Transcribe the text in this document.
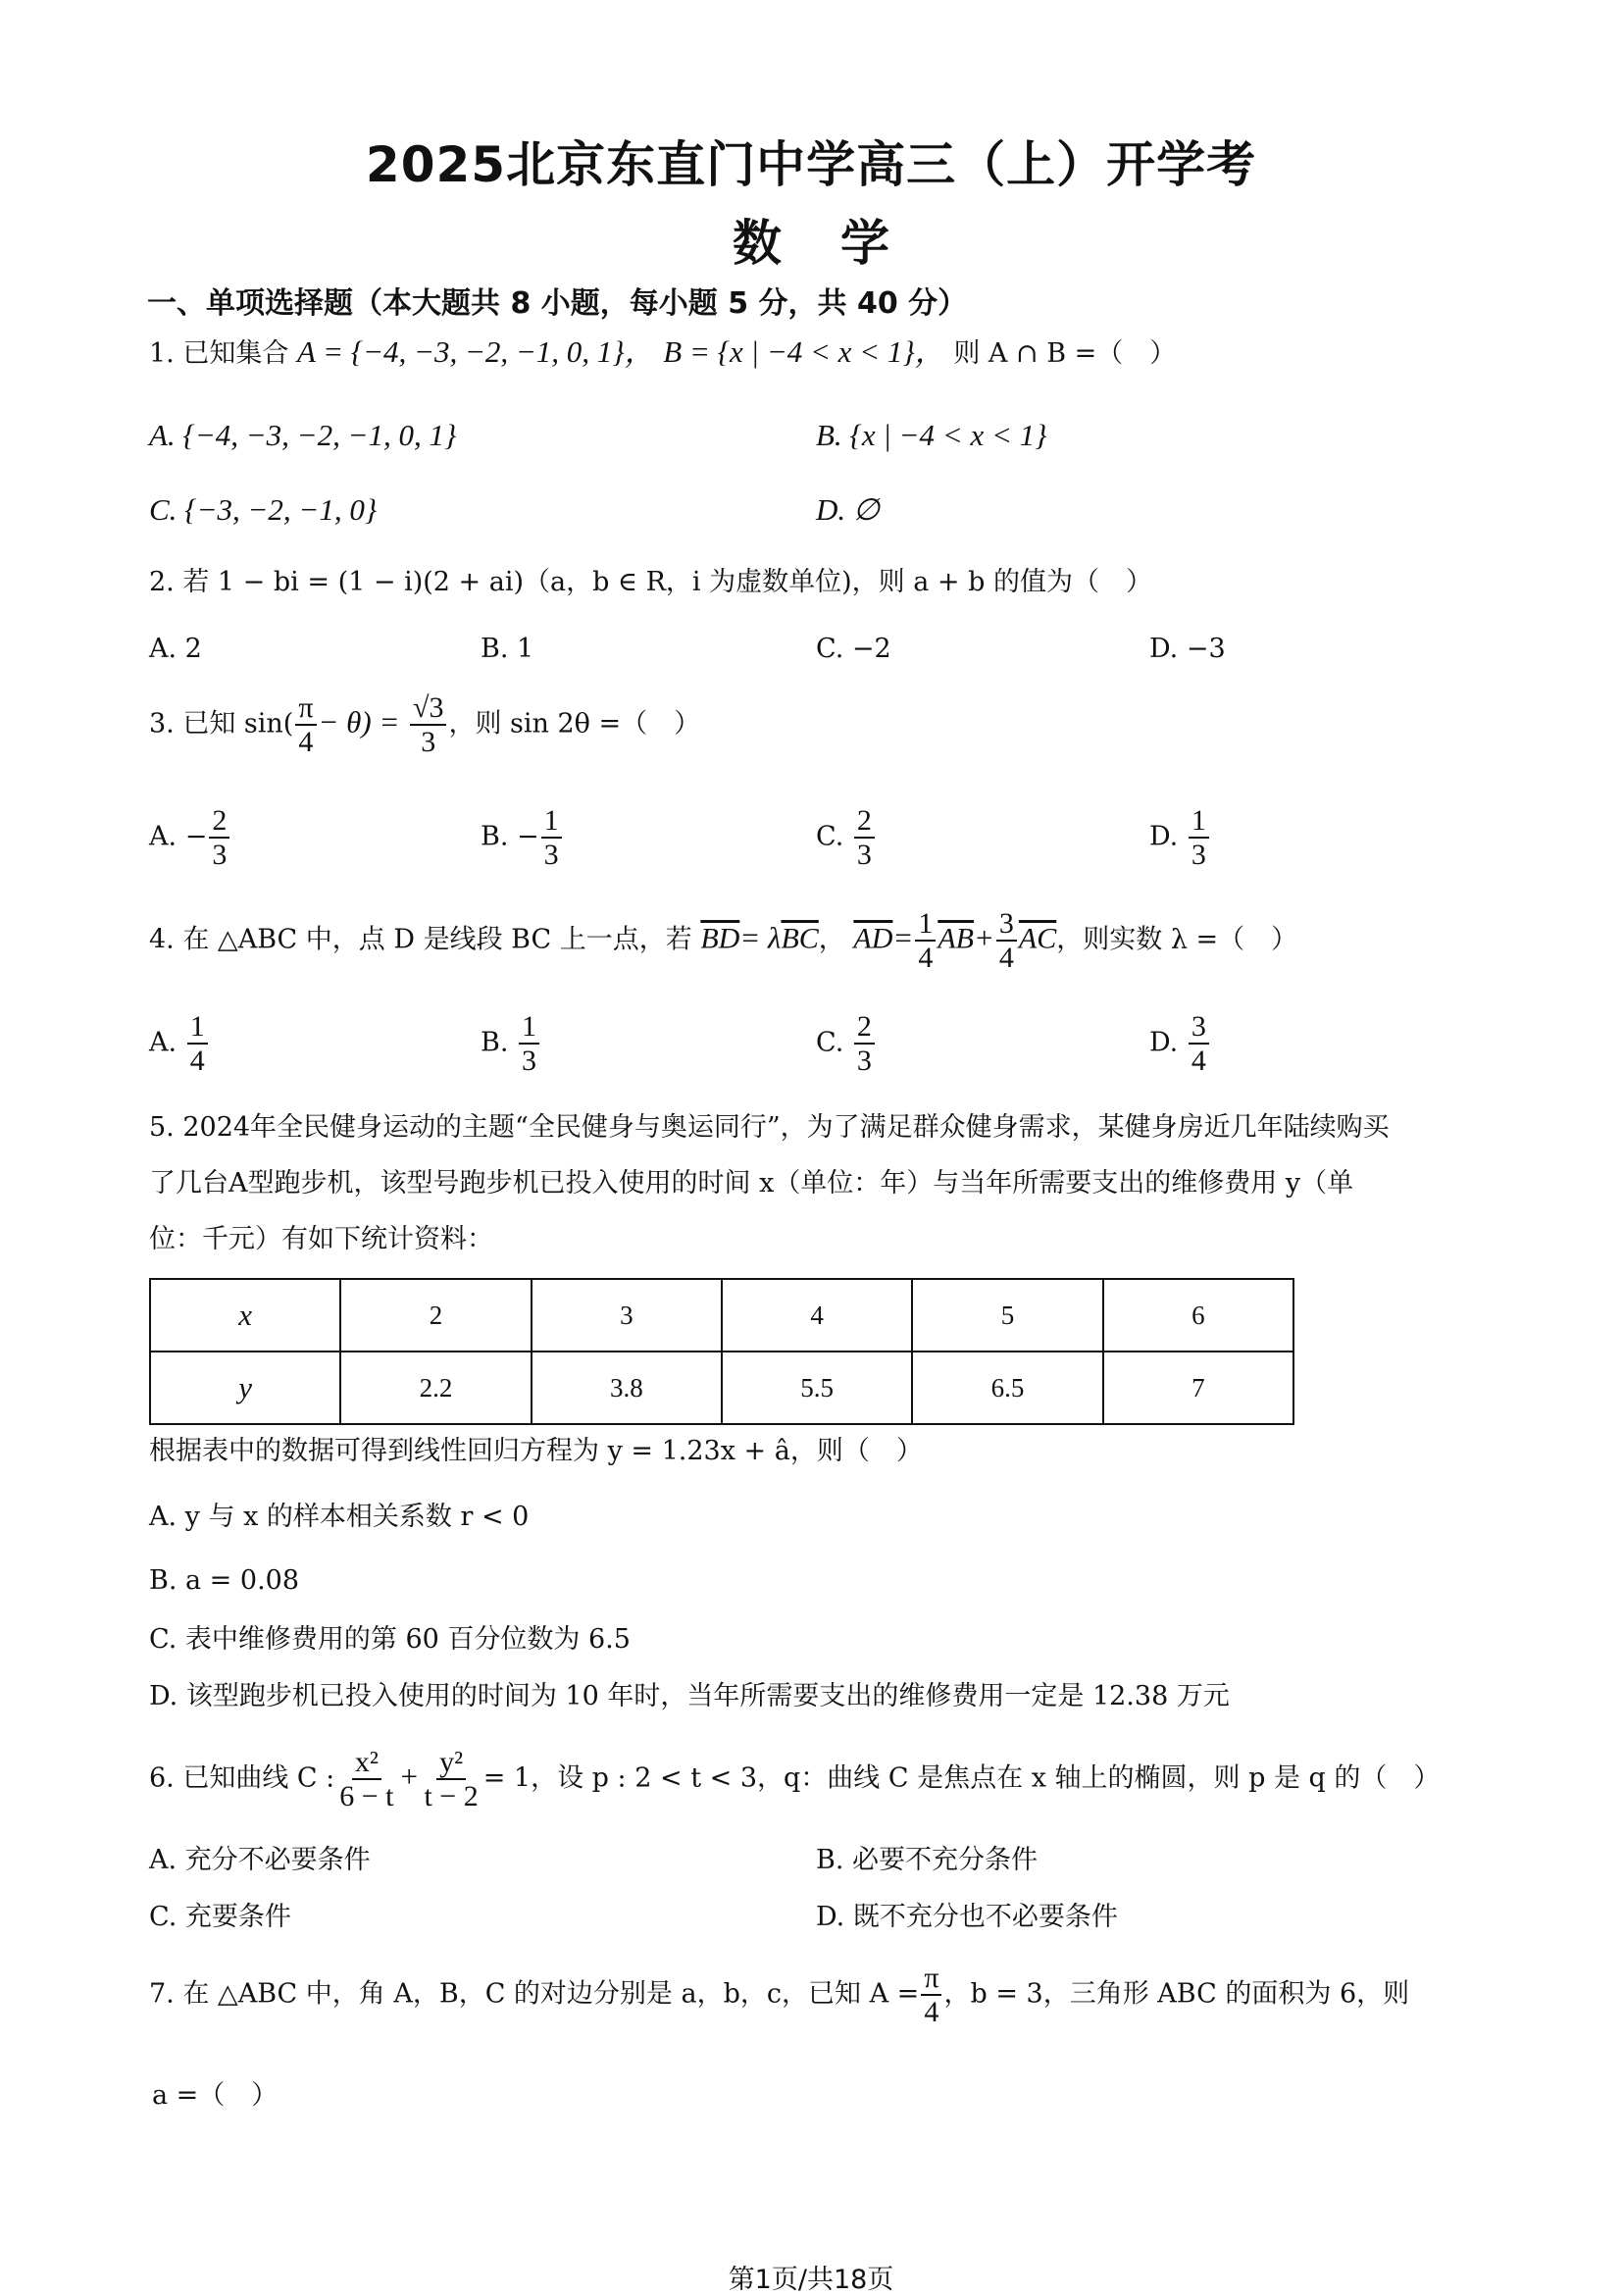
2025北京东直门中学高三（上）开学考
数学
一、单项选择题（本大题共 8 小题，每小题 5 分，共 40 分）
1. 已知集合 A = {−4, −3, −2, −1, 0, 1}， B = {x | −4 < x < 1}， 则 A ∩ B =（　）
A. {−4, −3, −2, −1, 0, 1}	B. {x | −4 < x < 1}
C. {−3, −2, −1, 0}	D. ∅
2. 若 1 − bi = (1 − i)(2 + ai)（a，b ∈ R，i 为虚数单位)，则 a + b 的值为（　）
A. 2	B. 1	C. −2	D. −3
3. 已知 $\sin( \frac{\pi}{4} - \theta) = \frac{√3}{3}$ ，则 sin 2θ =（　）
A. − $\frac{2}{3}$	B. − $\frac{1}{3}$	C. $\frac{2}{3}$	D. $\frac{1}{3}$
4. 在 △ABC 中，点 D 是线段 BC 上一点，若 $\overline{BD}= \lambda\overline{BC}$， $\overline{AD}= \frac{1}{4} \overline{AB}+ \frac{3}{4} \overline{AC}$，则实数 λ =（　）
A. $\frac{1}{4}$	B. $\frac{1}{3}$	C. $\frac{2}{3}$	D. $\frac{3}{4}$
5. 2024年全民健身运动的主题“全民健身与奥运同行”，为了满足群众健身需求，某健身房近几年陆续购买
了几台A型跑步机，该型号跑步机已投入使用的时间 x（单位：年）与当年所需要支出的维修费用 y（单
位：千元）有如下统计资料：
x	2	3	4	5	6
y	2.2	3.8	5.5	6.5	7
根据表中的数据可得到线性回归方程为 y = 1.23x + â，则（　）
A. y 与 x 的样本相关系数 r < 0
B. a = 0.08
C. 表中维修费用的第 60 百分位数为 6.5
D. 该型跑步机已投入使用的时间为 10 年时，当年所需要支出的维修费用一定是 12.38 万元
6. 已知曲线 C : $\frac{\text{x²}}{6 - t} + \frac{\text{y²}}{t - 2} = 1$，设 p : 2 < t < 3，q：曲线 C 是焦点在 x 轴上的椭圆，则 p 是 q 的（　）
A. 充分不必要条件	B. 必要不充分条件
C. 充要条件	D. 既不充分也不必要条件
7. 在 △ABC 中，角 A，B，C 的对边分别是 a，b，c，已知 $A = \frac{\pi}{4}$ ，b = 3，三角形 ABC 的面积为 6，则
a =（　）
第1页/共18页
